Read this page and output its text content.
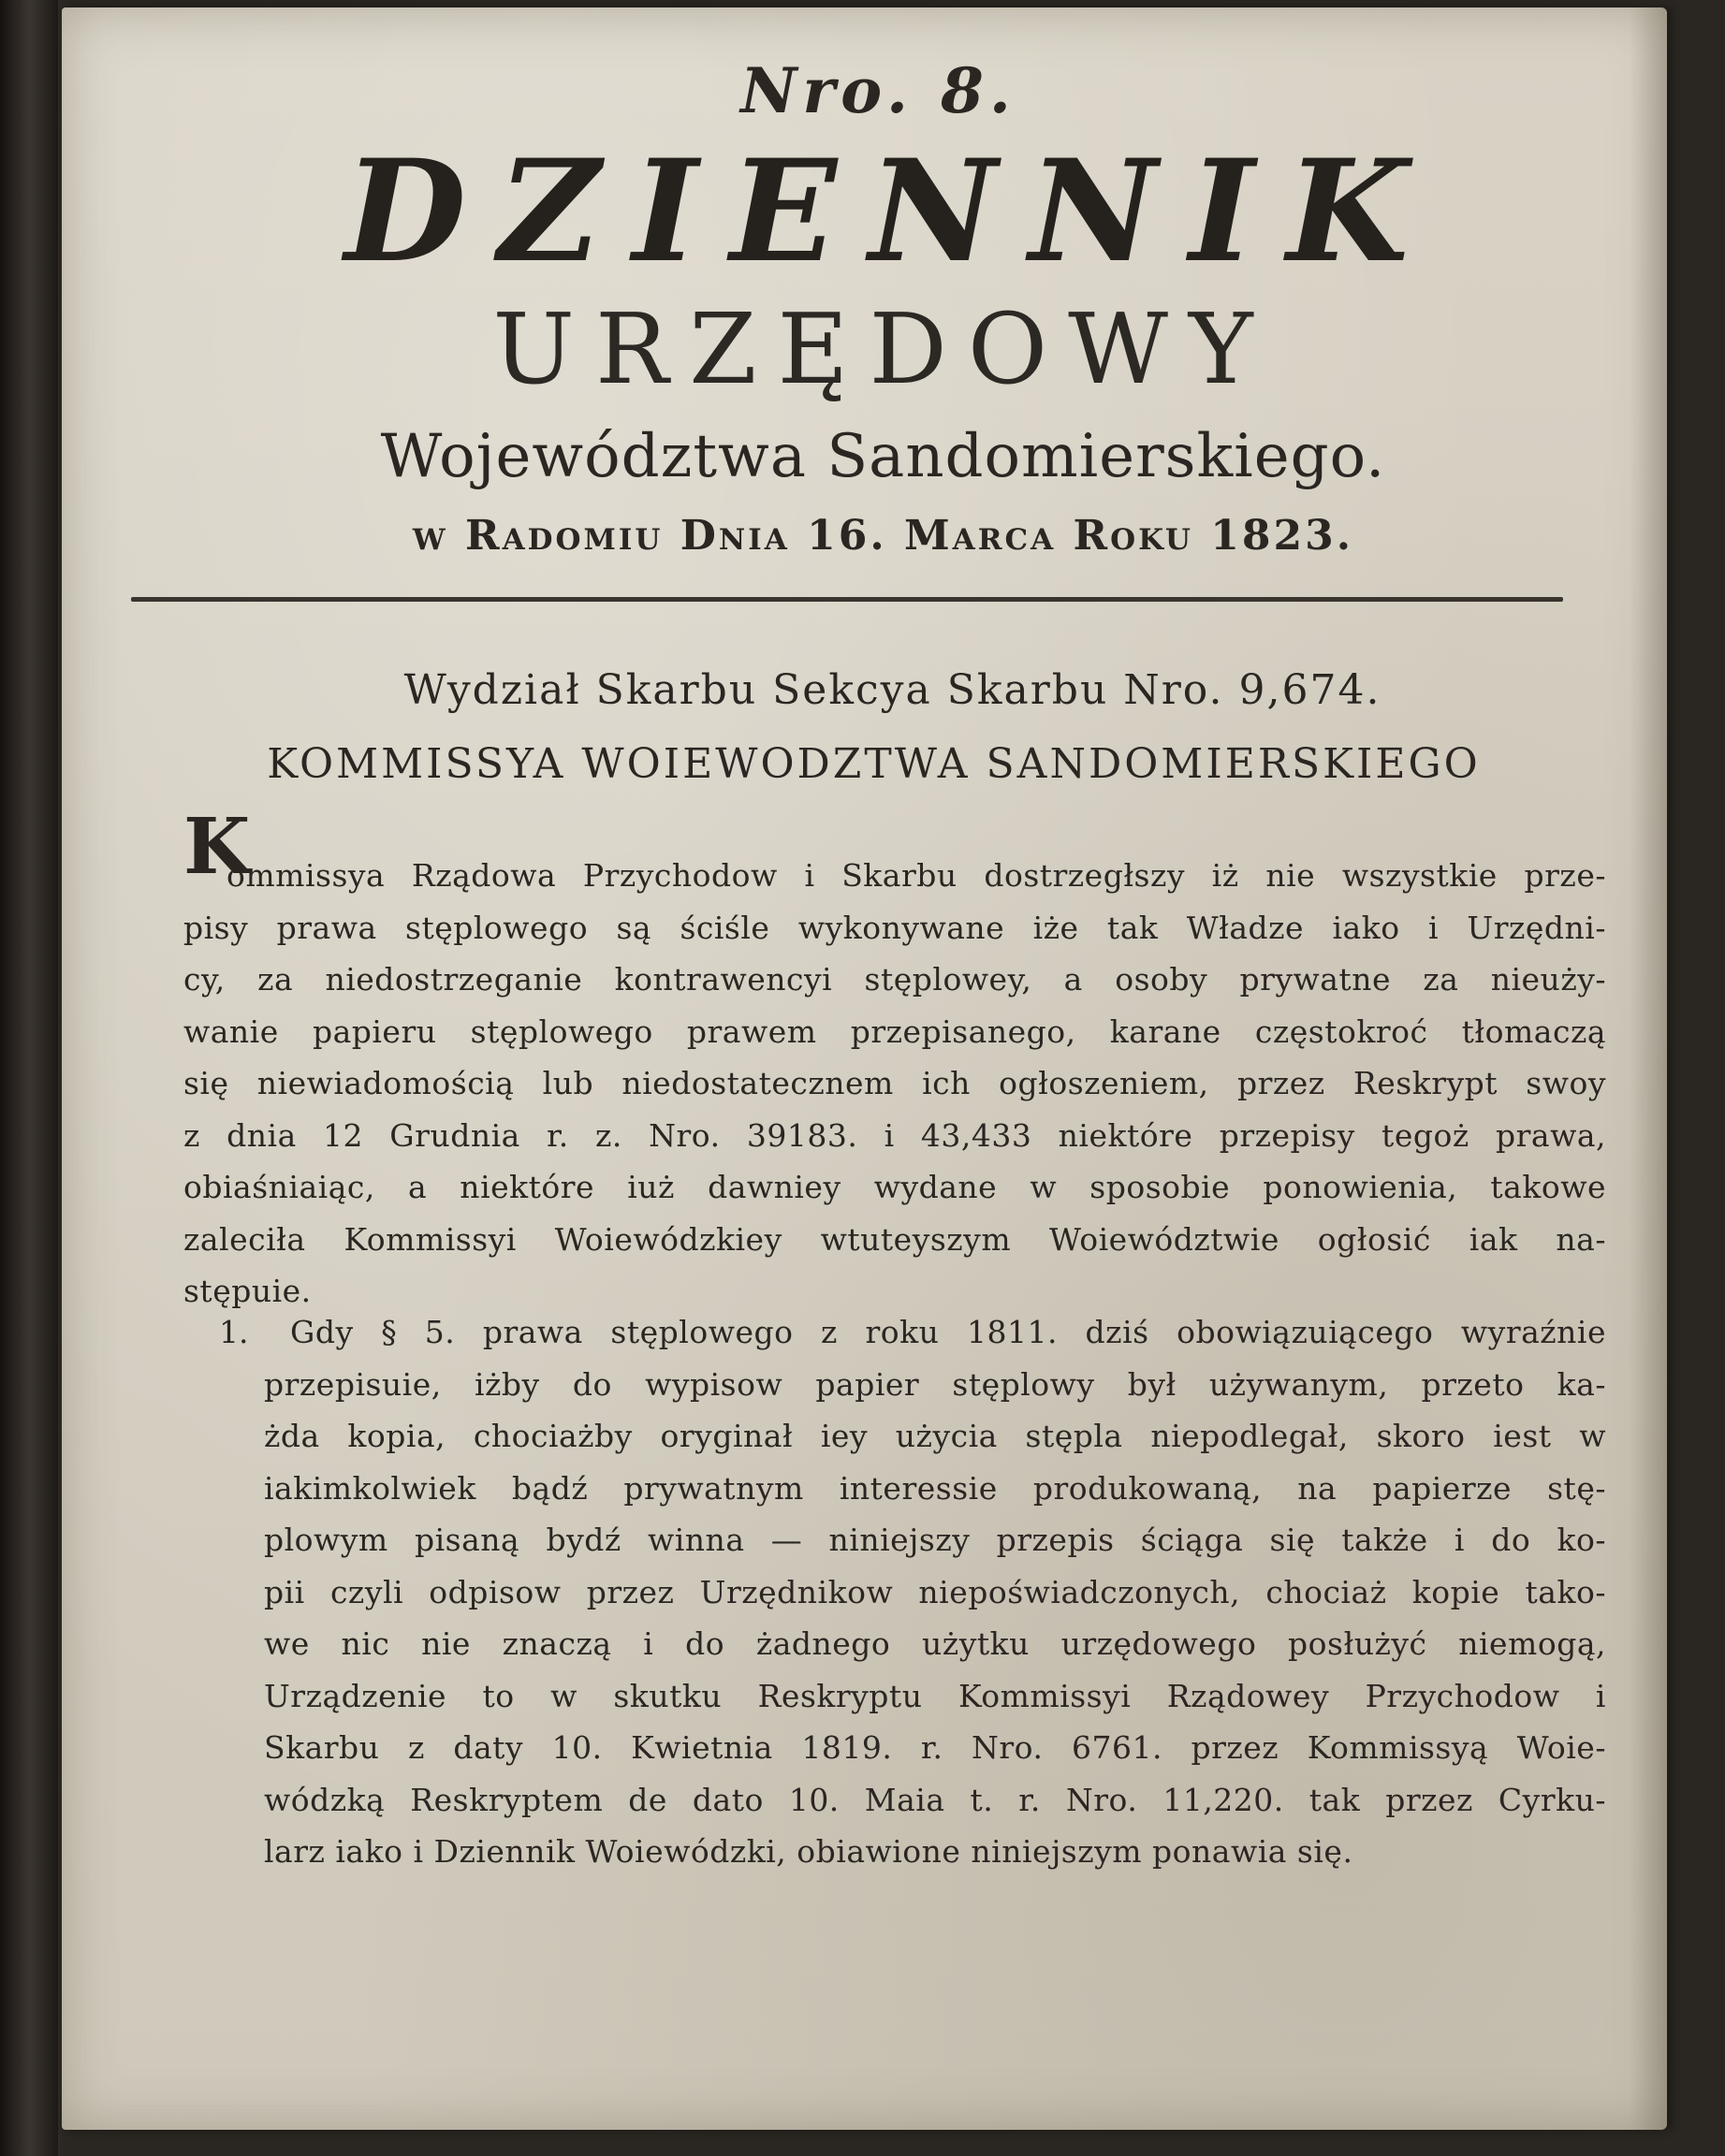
Nro. 8.
DZIENNIK
URZĘDOWY
Województwa Sandomierskiego.
w Radomiu Dnia 16. Marca Roku 1823.
Wydział Skarbu Sekcya Skarbu Nro. 9,674.
KOMMISSYA WOIEWODZTWA SANDOMIERSKIEGO
K
ommissya Rządowa Przychodow i Skarbu dostrzegłszy iż nie wszystkie prze-
pisy prawa stęplowego są ściśle wykonywane iże tak Władze iako i Urzędni-
cy, za niedostrzeganie kontrawencyi stęplowey, a osoby prywatne za nieuży-
wanie papieru stęplowego prawem przepisanego, karane częstokroć tłomaczą
się niewiadomością lub niedostatecznem ich ogłoszeniem, przez Reskrypt swoy
z dnia 12 Grudnia r. z. Nro. 39183. i 43,433 niektóre przepisy tegoż prawa,
obiaśniaiąc, a niektóre iuż dawniey wydane w sposobie ponowienia, takowe
zaleciła Kommissyi Woiewódzkiey wtuteyszym Woiewództwie ogłosić iak na-
stępuie.
1.	Gdy § 5. prawa stęplowego z roku 1811. dziś obowiązuiącego wyraźnie
przepisuie, iżby do wypisow papier stęplowy był używanym, przeto ka-
żda kopia, chociażby oryginał iey użycia stępla niepodlegał, skoro iest w
iakimkolwiek bądź prywatnym interessie produkowaną, na papierze stę-
plowym pisaną bydź winna — niniejszy przepis ściąga się także i do ko-
pii czyli odpisow przez Urzędnikow niepoświadczonych, chociaż kopie tako-
we nic nie znaczą i do żadnego użytku urzędowego posłużyć niemogą,
Urządzenie to w skutku Reskryptu Kommissyi Rządowey Przychodow i
Skarbu z daty 10. Kwietnia 1819. r. Nro. 6761. przez Kommissyą Woie-
wódzką Reskryptem de dato 10. Maia t. r. Nro. 11,220. tak przez Cyrku-
larz iako i Dziennik Woiewódzki, obiawione niniejszym ponawia się.
